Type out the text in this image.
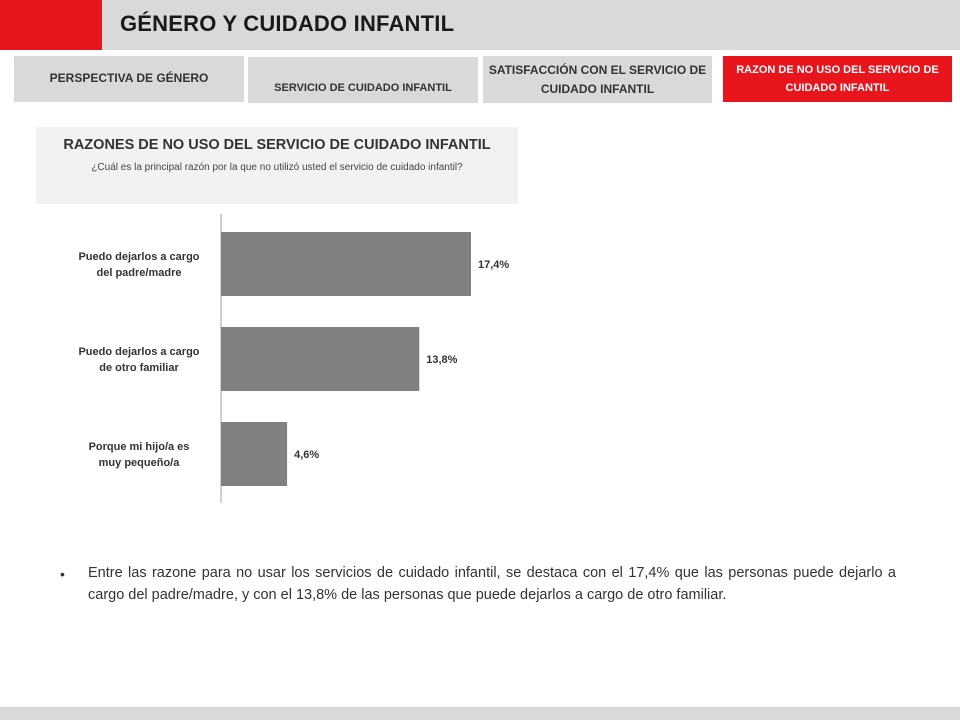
GÉNERO Y CUIDADO INFANTIL
PERSPECTIVA DE GÉNERO
SERVICIO DE CUIDADO INFANTIL
SATISFACCIÓN CON EL SERVICIO DE CUIDADO INFANTIL
RAZON DE NO USO DEL SERVICIO DE CUIDADO INFANTIL
RAZONES DE NO USO DEL SERVICIO DE CUIDADO INFANTIL
¿Cuál es la principal razón por la que no utilizó usted el servicio de cuidado infantil?
17,4%
Puedo dejarlos a cargo
del padre/madre
13,8%
Puedo dejarlos a cargo
de otro familiar
4,6%
Porque mi hijo/a es
muy pequeño/a
• Entre las razone para no usar los servicios de cuidado infantil, se destaca con el 17,4% que las personas puede dejarlo a cargo del padre/madre, y con el 13,8% de las personas que puede dejarlos a cargo de otro familiar.
